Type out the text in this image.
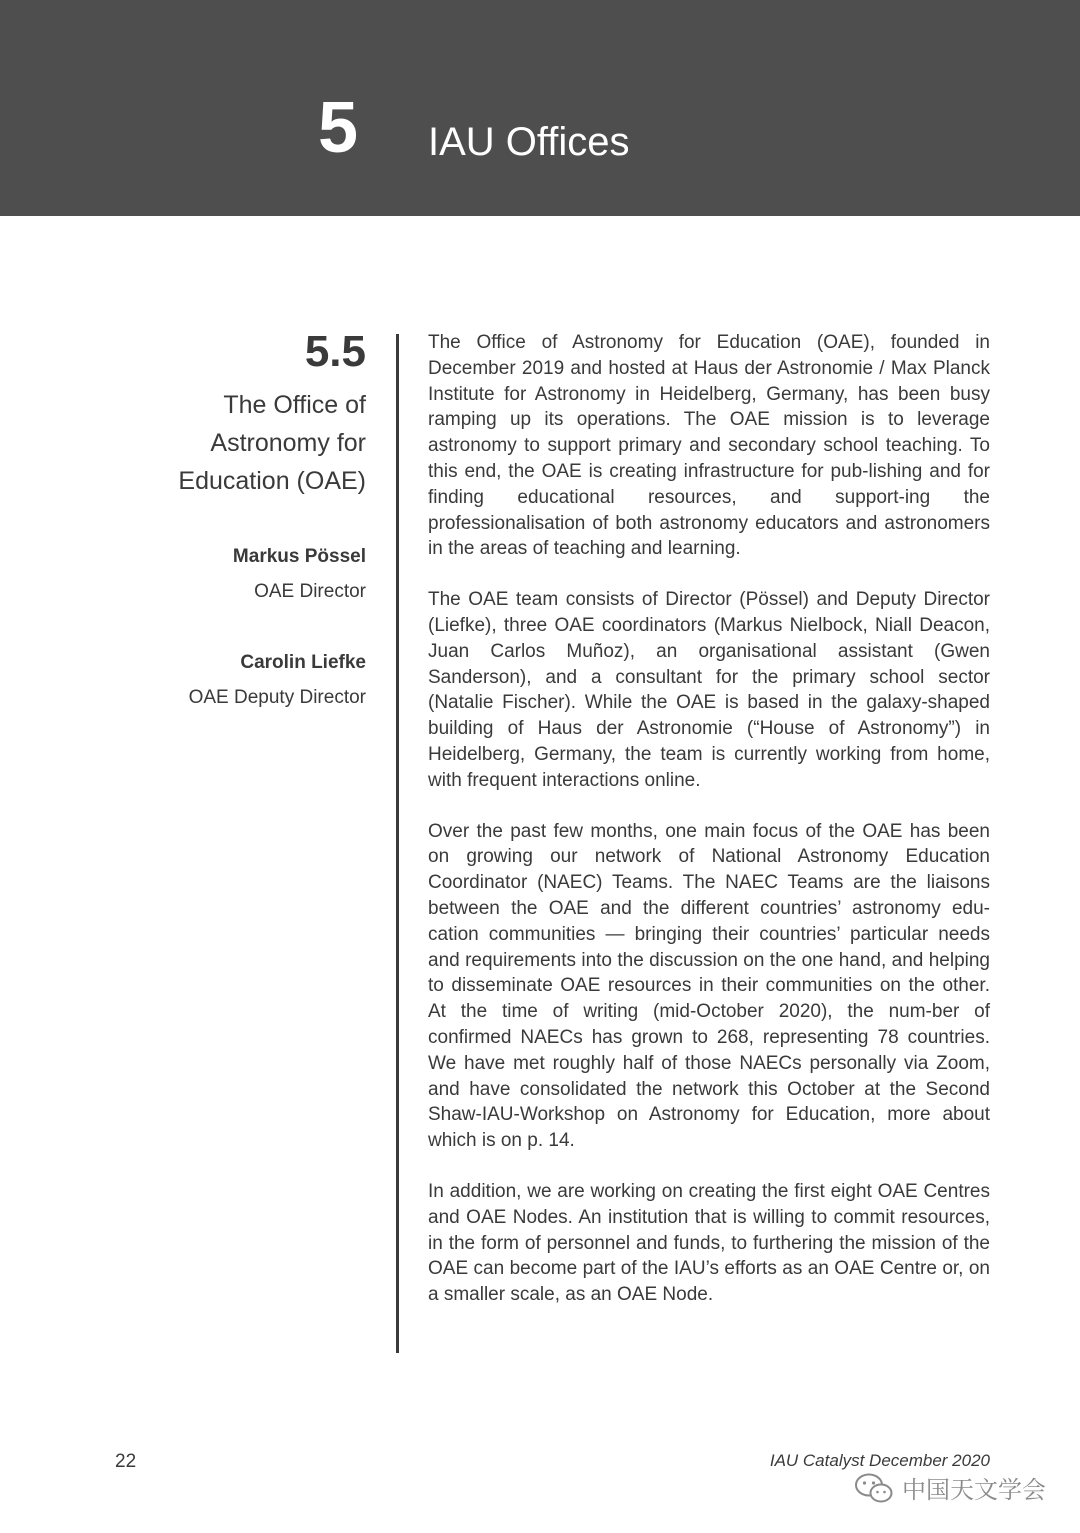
5 IAU Offices
5.5
The Office of
Astronomy for
Education (OAE)
Markus Pössel
OAE Director
Carolin Liefke
OAE Deputy Director

The Office of Astronomy for Education (OAE), founded in December 2019 and hosted at Haus der Astronomie / Max Planck Institute for Astronomy in Heidelberg, Germany, has been busy ramping up its operations. The OAE mission is to leverage astronomy to support primary and secondary school teaching. To this end, the OAE is creating infrastructure for pub-lishing and for finding educational resources, and support-ing the professionalisation of both astronomy educators and astronomers in the areas of teaching and learning.

The OAE team consists of Director (Pössel) and Deputy Director (Liefke), three OAE coordinators (Markus Nielbock, Niall Deacon, Juan Carlos Muñoz), an organisational assistant (Gwen Sanderson), and a consultant for the primary school sector (Natalie Fischer). While the OAE is based in the galaxy-shaped building of Haus der Astronomie (“House of Astronomy”) in Heidelberg, Germany, the team is currently working from home, with frequent interactions online.

Over the past few months, one main focus of the OAE has been on growing our network of National Astronomy Education Coordinator (NAEC) Teams. The NAEC Teams are the liaisons between the OAE and the different countries’ astronomy edu-cation communities — bringing their countries’ particular needs and requirements into the discussion on the one hand, and helping to disseminate OAE resources in their communities on the other. At the time of writing (mid-October 2020), the num-ber of confirmed NAECs has grown to 268, representing 78 countries. We have met roughly half of those NAECs personally via Zoom, and have consolidated the network this October at the Second Shaw-IAU-Workshop on Astronomy for Education, more about which is on p. 14.

In addition, we are working on creating the first eight OAE Centres and OAE Nodes. An institution that is willing to commit resources, in the form of personnel and funds, to furthering the mission of the OAE can become part of the IAU’s efforts as an OAE Centre or, on a smaller scale, as an OAE Node.

22	IAU Catalyst December 2020
中国天文学会
